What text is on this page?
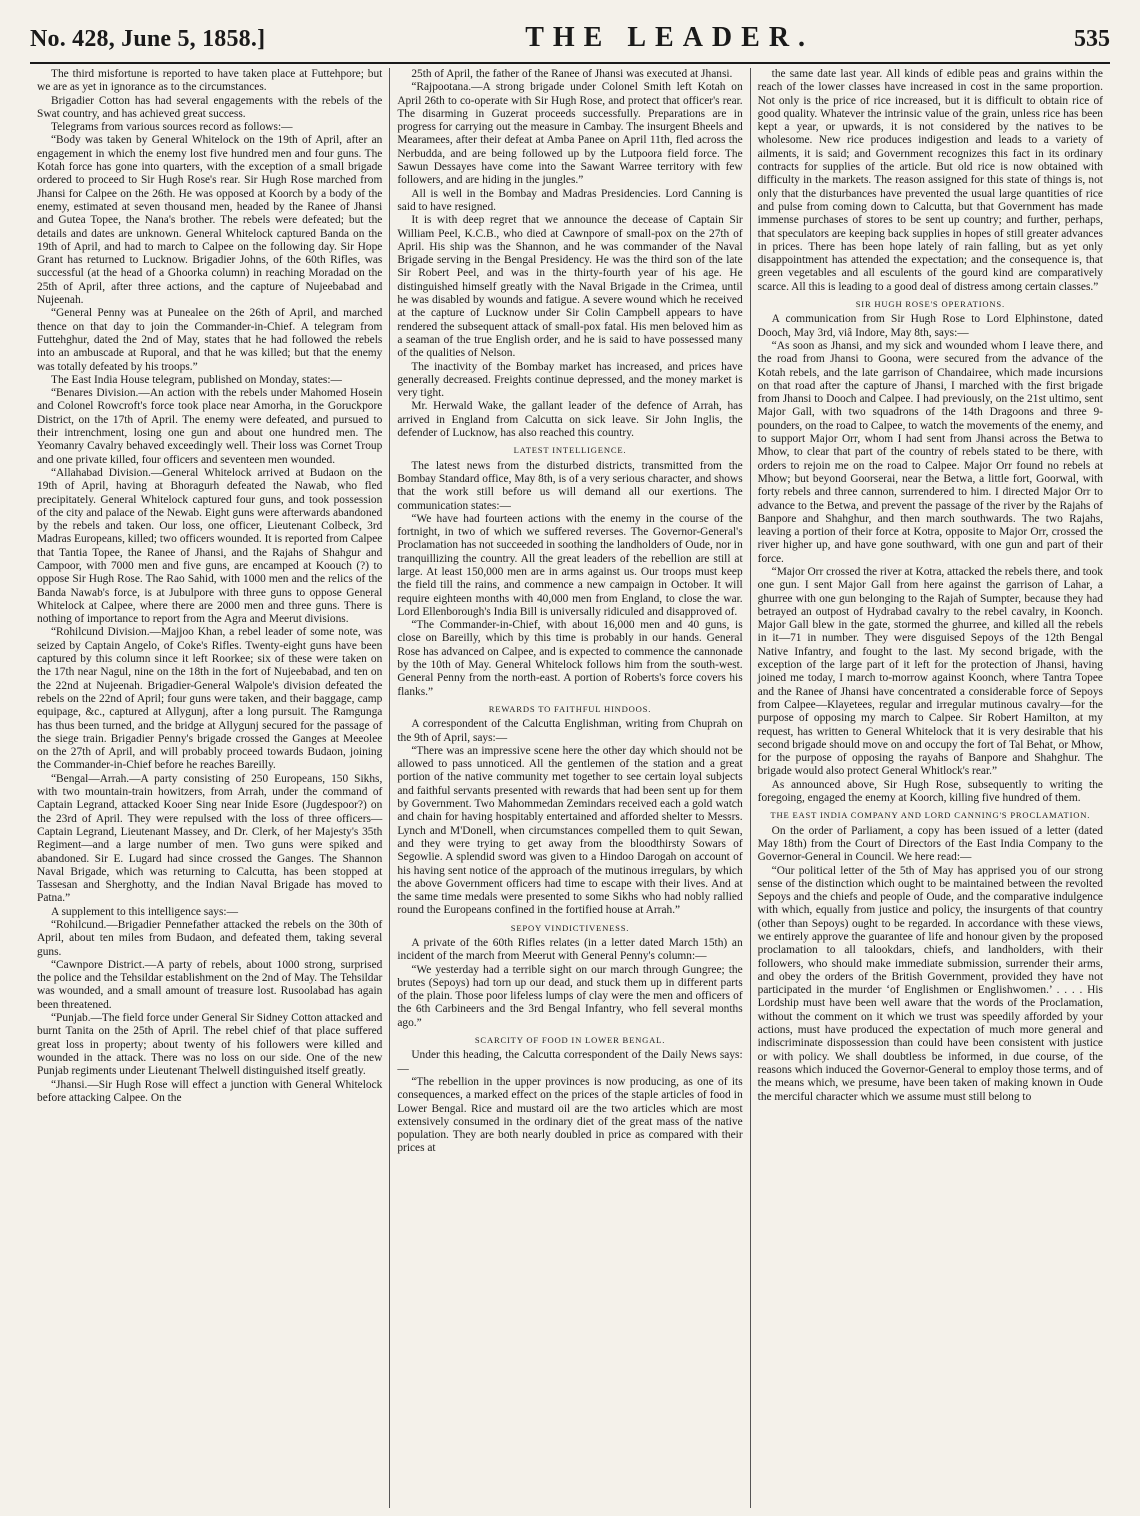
No. 428, June 5, 1858.]	THE LEADER.	535

The third misfortune is reported to have taken place at Futtehpore; but we are as yet in ignorance as to the circumstances.

Brigadier Cotton has had several engagements with the rebels of the Swat country, and has achieved great success.

Telegrams from various sources record as follows:—

“Body was taken by General Whitelock on the 19th of April, after an engagement in which the enemy lost five hundred men and four guns. The Kotah force has gone into quarters, with the exception of a small brigade ordered to proceed to Sir Hugh Rose's rear. Sir Hugh Rose marched from Jhansi for Calpee on the 26th. He was opposed at Koorch by a body of the enemy, estimated at seven thousand men, headed by the Ranee of Jhansi and Gutea Topee, the Nana's brother. The rebels were defeated; but the details and dates are unknown. General Whitelock captured Banda on the 19th of April, and had to march to Calpee on the following day. Sir Hope Grant has returned to Lucknow. Brigadier Johns, of the 60th Rifles, was successful (at the head of a Ghoorka column) in reaching Moradad on the 25th of April, after three actions, and the capture of Nujeebabad and Nujeenah.

“General Penny was at Punealee on the 26th of April, and marched thence on that day to join the Commander-in-Chief. A telegram from Futtehghur, dated the 2nd of May, states that he had followed the rebels into an ambuscade at Ruporal, and that he was killed; but that the enemy was totally defeated by his troops.”

The East India House telegram, published on Monday, states:—

“Benares Division.—An action with the rebels under Mahomed Hosein and Colonel Rowcroft's force took place near Amorha, in the Goruckpore District, on the 17th of April. The enemy were defeated, and pursued to their intrenchment, losing one gun and about one hundred men. The Yeomanry Cavalry behaved exceedingly well. Their loss was Cornet Troup and one private killed, four officers and seventeen men wounded.

“Allahabad Division.—General Whitelock arrived at Budaon on the 19th of April, having at Bhoragurh defeated the Nawab, who fled precipitately. General Whitelock captured four guns, and took possession of the city and palace of the Newab. Eight guns were afterwards abandoned by the rebels and taken. Our loss, one officer, Lieutenant Colbeck, 3rd Madras Europeans, killed; two officers wounded. It is reported from Calpee that Tantia Topee, the Ranee of Jhansi, and the Rajahs of Shahgur and Campoor, with 7000 men and five guns, are encamped at Koouch (?) to oppose Sir Hugh Rose. The Rao Sahid, with 1000 men and the relics of the Banda Nawab's force, is at Jubulpore with three guns to oppose General Whitelock at Calpee, where there are 2000 men and three guns. There is nothing of importance to report from the Agra and Meerut divisions.

“Rohilcund Division.—Majjoo Khan, a rebel leader of some note, was seized by Captain Angelo, of Coke's Rifles. Twenty-eight guns have been captured by this column since it left Roorkee; six of these were taken on the 17th near Nagul, nine on the 18th in the fort of Nujeebabad, and ten on the 22nd at Nujeenah. Brigadier-General Walpole's division defeated the rebels on the 22nd of April; four guns were taken, and their baggage, camp equipage, &c., captured at Allygunj, after a long pursuit. The Ramgunga has thus been turned, and the bridge at Allygunj secured for the passage of the siege train. Brigadier Penny's brigade crossed the Ganges at Meeolee on the 27th of April, and will probably proceed towards Budaon, joining the Commander-in-Chief before he reaches Bareilly.

“Bengal—Arrah.—A party consisting of 250 Europeans, 150 Sikhs, with two mountain-train howitzers, from Arrah, under the command of Captain Legrand, attacked Kooer Sing near Inide Esore (Jugdespoor?) on the 23rd of April. They were repulsed with the loss of three officers—Captain Legrand, Lieutenant Massey, and Dr. Clerk, of her Majesty's 35th Regiment—and a large number of men. Two guns were spiked and abandoned. Sir E. Lugard had since crossed the Ganges. The Shannon Naval Brigade, which was returning to Calcutta, has been stopped at Tassesan and Sherghotty, and the Indian Naval Brigade has moved to Patna.”

A supplement to this intelligence says:—

“Rohilcund.—Brigadier Pennefather attacked the rebels on the 30th of April, about ten miles from Budaon, and defeated them, taking several guns.

“Cawnpore District.—A party of rebels, about 1000 strong, surprised the police and the Tehsildar establishment on the 2nd of May. The Tehsildar was wounded, and a small amount of treasure lost. Rusoolabad has again been threatened.

“Punjab.—The field force under General Sir Sidney Cotton attacked and burnt Tanita on the 25th of April. The rebel chief of that place suffered great loss in property; about twenty of his followers were killed and wounded in the attack. There was no loss on our side. One of the new Punjab regiments under Lieutenant Thelwell distinguished itself greatly.

“Jhansi.—Sir Hugh Rose will effect a junction with General Whitelock before attacking Calpee. On the

25th of April, the father of the Ranee of Jhansi was executed at Jhansi.

“Rajpootana.—A strong brigade under Colonel Smith left Kotah on April 26th to co-operate with Sir Hugh Rose, and protect that officer's rear. The disarming in Guzerat proceeds successfully. Preparations are in progress for carrying out the measure in Cambay. The insurgent Bheels and Mearamees, after their defeat at Amba Panee on April 11th, fled across the Nerbudda, and are being followed up by the Lutpoora field force. The Sawun Dessayes have come into the Sawant Warree territory with few followers, and are hiding in the jungles.”

All is well in the Bombay and Madras Presidencies. Lord Canning is said to have resigned.

It is with deep regret that we announce the decease of Captain Sir William Peel, K.C.B., who died at Cawnpore of small-pox on the 27th of April. His ship was the Shannon, and he was commander of the Naval Brigade serving in the Bengal Presidency. He was the third son of the late Sir Robert Peel, and was in the thirty-fourth year of his age. He distinguished himself greatly with the Naval Brigade in the Crimea, until he was disabled by wounds and fatigue. A severe wound which he received at the capture of Lucknow under Sir Colin Campbell appears to have rendered the subsequent attack of small-pox fatal. His men beloved him as a seaman of the true English order, and he is said to have possessed many of the qualities of Nelson.

The inactivity of the Bombay market has increased, and prices have generally decreased. Freights continue depressed, and the money market is very tight.

Mr. Herwald Wake, the gallant leader of the defence of Arrah, has arrived in England from Calcutta on sick leave. Sir John Inglis, the defender of Lucknow, has also reached this country.

LATEST INTELLIGENCE.

The latest news from the disturbed districts, transmitted from the Bombay Standard office, May 8th, is of a very serious character, and shows that the work still before us will demand all our exertions. The communication states:—

“We have had fourteen actions with the enemy in the course of the fortnight, in two of which we suffered reverses. The Governor-General's Proclamation has not succeeded in soothing the landholders of Oude, nor in tranquillizing the country. All the great leaders of the rebellion are still at large. At least 150,000 men are in arms against us. Our troops must keep the field till the rains, and commence a new campaign in October. It will require eighteen months with 40,000 men from England, to close the war. Lord Ellenborough's India Bill is universally ridiculed and disapproved of.

“The Commander-in-Chief, with about 16,000 men and 40 guns, is close on Bareilly, which by this time is probably in our hands. General Rose has advanced on Calpee, and is expected to commence the cannonade by the 10th of May. General Whitelock follows him from the south-west. General Penny from the north-east. A portion of Roberts's force covers his flanks.”

REWARDS TO FAITHFUL HINDOOS.

A correspondent of the Calcutta Englishman, writing from Chuprah on the 9th of April, says:—

“There was an impressive scene here the other day which should not be allowed to pass unnoticed. All the gentlemen of the station and a great portion of the native community met together to see certain loyal subjects and faithful servants presented with rewards that had been sent up for them by Government. Two Mahommedan Zemindars received each a gold watch and chain for having hospitably entertained and afforded shelter to Messrs. Lynch and M'Donell, when circumstances compelled them to quit Sewan, and they were trying to get away from the bloodthirsty Sowars of Segowlie. A splendid sword was given to a Hindoo Darogah on account of his having sent notice of the approach of the mutinous irregulars, by which the above Government officers had time to escape with their lives. And at the same time medals were presented to some Sikhs who had nobly rallied round the Europeans confined in the fortified house at Arrah.”

SEPOY VINDICTIVENESS.

A private of the 60th Rifles relates (in a letter dated March 15th) an incident of the march from Meerut with General Penny's column:—

“We yesterday had a terrible sight on our march through Gungree; the brutes (Sepoys) had torn up our dead, and stuck them up in different parts of the plain. Those poor lifeless lumps of clay were the men and officers of the 6th Carbineers and the 3rd Bengal Infantry, who fell several months ago.”

SCARCITY OF FOOD IN LOWER BENGAL.

Under this heading, the Calcutta correspondent of the Daily News says:—

“The rebellion in the upper provinces is now producing, as one of its consequences, a marked effect on the prices of the staple articles of food in Lower Bengal. Rice and mustard oil are the two articles which are most extensively consumed in the ordinary diet of the great mass of the native population. They are both nearly doubled in price as compared with their prices at

the same date last year. All kinds of edible peas and grains within the reach of the lower classes have increased in cost in the same proportion. Not only is the price of rice increased, but it is difficult to obtain rice of good quality. Whatever the intrinsic value of the grain, unless rice has been kept a year, or upwards, it is not considered by the natives to be wholesome. New rice produces indigestion and leads to a variety of ailments, it is said; and Government recognizes this fact in its ordinary contracts for supplies of the article. But old rice is now obtained with difficulty in the markets. The reason assigned for this state of things is, not only that the disturbances have prevented the usual large quantities of rice and pulse from coming down to Calcutta, but that Government has made immense purchases of stores to be sent up country; and further, perhaps, that speculators are keeping back supplies in hopes of still greater advances in prices. There has been hope lately of rain falling, but as yet only disappointment has attended the expectation; and the consequence is, that green vegetables and all esculents of the gourd kind are comparatively scarce. All this is leading to a good deal of distress among certain classes.”

SIR HUGH ROSE'S OPERATIONS.

A communication from Sir Hugh Rose to Lord Elphinstone, dated Dooch, May 3rd, viâ Indore, May 8th, says:—

“As soon as Jhansi, and my sick and wounded whom I leave there, and the road from Jhansi to Goona, were secured from the advance of the Kotah rebels, and the late garrison of Chandairee, which made incursions on that road after the capture of Jhansi, I marched with the first brigade from Jhansi to Dooch and Calpee. I had previously, on the 21st ultimo, sent Major Gall, with two squadrons of the 14th Dragoons and three 9-pounders, on the road to Calpee, to watch the movements of the enemy, and to support Major Orr, whom I had sent from Jhansi across the Betwa to Mhow, to clear that part of the country of rebels stated to be there, with orders to rejoin me on the road to Calpee. Major Orr found no rebels at Mhow; but beyond Goorserai, near the Betwa, a little fort, Goorwal, with forty rebels and three cannon, surrendered to him. I directed Major Orr to advance to the Betwa, and prevent the passage of the river by the Rajahs of Banpore and Shahghur, and then march southwards. The two Rajahs, leaving a portion of their force at Kotra, opposite to Major Orr, crossed the river higher up, and have gone southward, with one gun and part of their force.

“Major Orr crossed the river at Kotra, attacked the rebels there, and took one gun. I sent Major Gall from here against the garrison of Lahar, a ghurree with one gun belonging to the Rajah of Sumpter, because they had betrayed an outpost of Hydrabad cavalry to the rebel cavalry, in Koonch. Major Gall blew in the gate, stormed the ghurree, and killed all the rebels in it—71 in number. They were disguised Sepoys of the 12th Bengal Native Infantry, and fought to the last. My second brigade, with the exception of the large part of it left for the protection of Jhansi, having joined me today, I march to-morrow against Koonch, where Tantra Topee and the Ranee of Jhansi have concentrated a considerable force of Sepoys from Calpee—Klayetees, regular and irregular mutinous cavalry—for the purpose of opposing my march to Calpee. Sir Robert Hamilton, at my request, has written to General Whitelock that it is very desirable that his second brigade should move on and occupy the fort of Tal Behat, or Mhow, for the purpose of opposing the rayahs of Banpore and Shahghur. The brigade would also protect General Whitlock's rear.”

As announced above, Sir Hugh Rose, subsequently to writing the foregoing, engaged the enemy at Koorch, killing five hundred of them.

THE EAST INDIA COMPANY AND LORD CANNING'S PROCLAMATION.

On the order of Parliament, a copy has been issued of a letter (dated May 18th) from the Court of Directors of the East India Company to the Governor-General in Council. We here read:—

“Our political letter of the 5th of May has apprised you of our strong sense of the distinction which ought to be maintained between the revolted Sepoys and the chiefs and people of Oude, and the comparative indulgence with which, equally from justice and policy, the insurgents of that country (other than Sepoys) ought to be regarded. In accordance with these views, we entirely approve the guarantee of life and honour given by the proposed proclamation to all talookdars, chiefs, and landholders, with their followers, who should make immediate submission, surrender their arms, and obey the orders of the British Government, provided they have not participated in the murder ‘of Englishmen or Englishwomen.’ . . . . His Lordship must have been well aware that the words of the Proclamation, without the comment on it which we trust was speedily afforded by your actions, must have produced the expectation of much more general and indiscriminate dispossession than could have been consistent with justice or with policy. We shall doubtless be informed, in due course, of the reasons which induced the Governor-General to employ those terms, and of the means which, we presume, have been taken of making known in Oude the merciful character which we assume must still belong to
